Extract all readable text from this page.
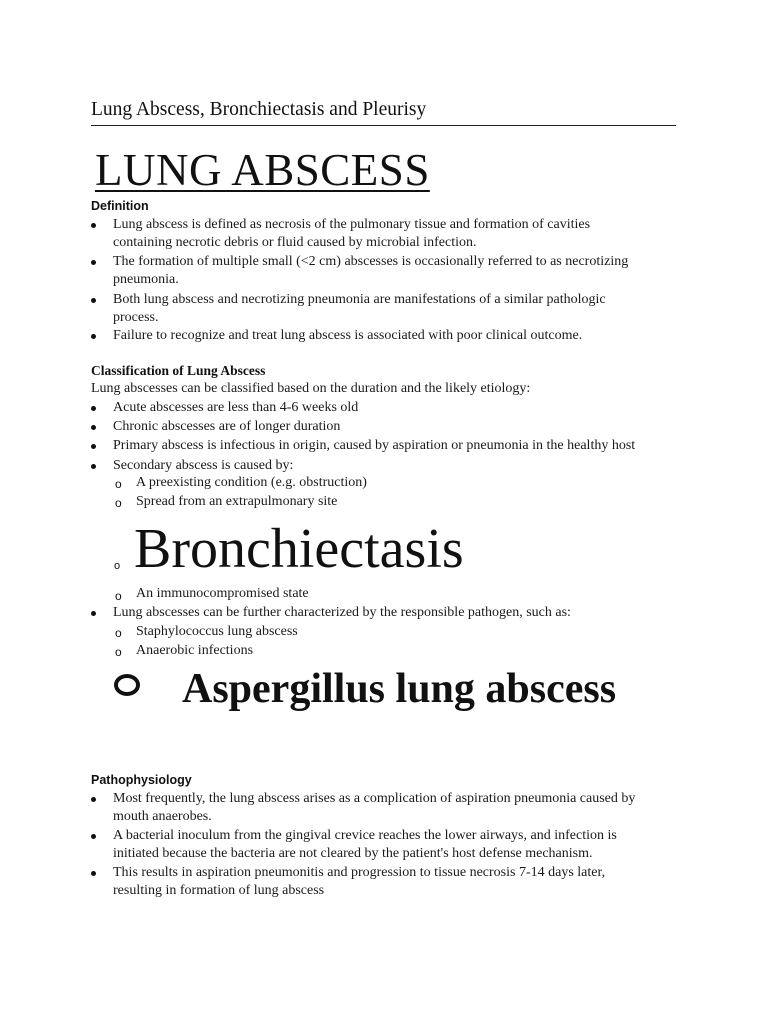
Lung Abscess, Bronchiectasis and Pleurisy
LUNG ABSCESS
Definition
Lung abscess is defined as necrosis of the pulmonary tissue and formation of cavities
containing necrotic debris or fluid caused by microbial infection.
The formation of multiple small (<2 cm) abscesses is occasionally referred to as necrotizing
pneumonia.
Both lung abscess and necrotizing pneumonia are manifestations of a similar pathologic
process.
Failure to recognize and treat lung abscess is associated with poor clinical outcome.
Classification of Lung Abscess
Lung abscesses can be classified based on the duration and the likely etiology:
Acute abscesses are less than 4-6 weeks old
Chronic abscesses are of longer duration
Primary abscess is infectious in origin, caused by aspiration or pneumonia in the healthy host
Secondary abscess is caused by:
o A preexisting condition (e.g. obstruction)
o Spread from an extrapulmonary site
o Bronchiectasis
o An immunocompromised state
Lung abscesses can be further characterized by the responsible pathogen, such as:
o Staphylococcus lung abscess
o Anaerobic infections
Aspergillus lung abscess
Pathophysiology
Most frequently, the lung abscess arises as a complication of aspiration pneumonia caused by
mouth anaerobes.
A bacterial inoculum from the gingival crevice reaches the lower airways, and infection is
initiated because the bacteria are not cleared by the patient's host defense mechanism.
This results in aspiration pneumonitis and progression to tissue necrosis 7-14 days later,
resulting in formation of lung abscess
